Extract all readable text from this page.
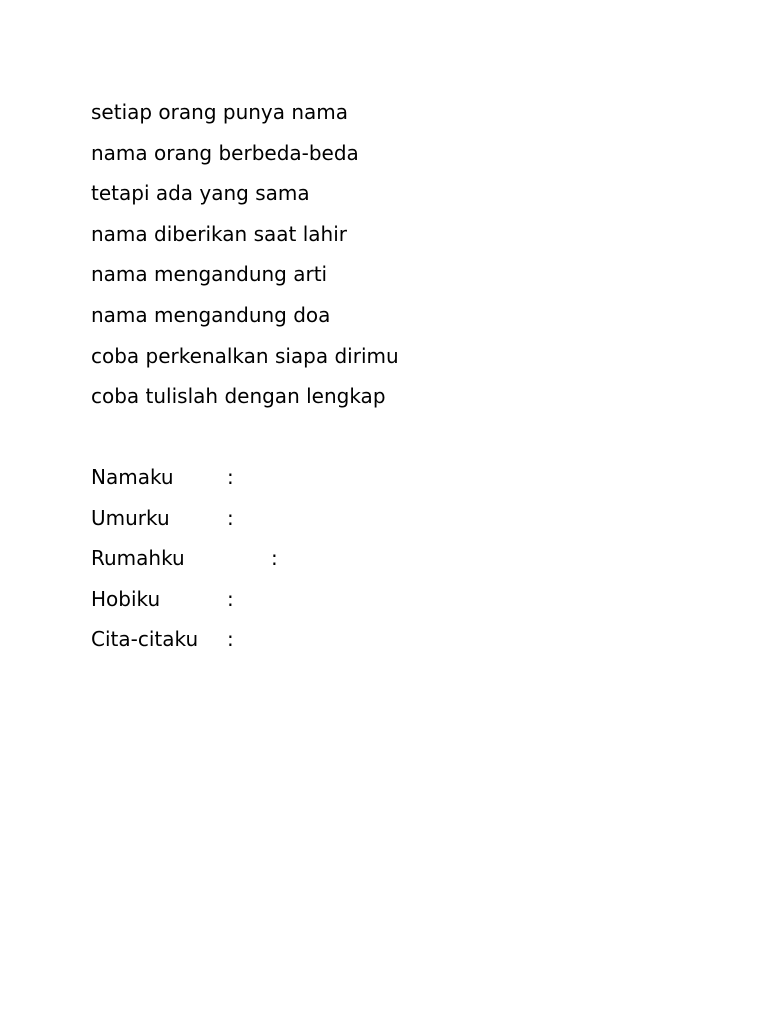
setiap orang punya nama
nama orang berbeda-beda
tetapi ada yang sama
nama diberikan saat lahir
nama mengandung arti
nama mengandung doa
coba perkenalkan siapa dirimu
coba tulislah dengan lengkap
Namaku	:
Umurku	:
Rumahku	:
Hobiku	:
Cita-citaku :
